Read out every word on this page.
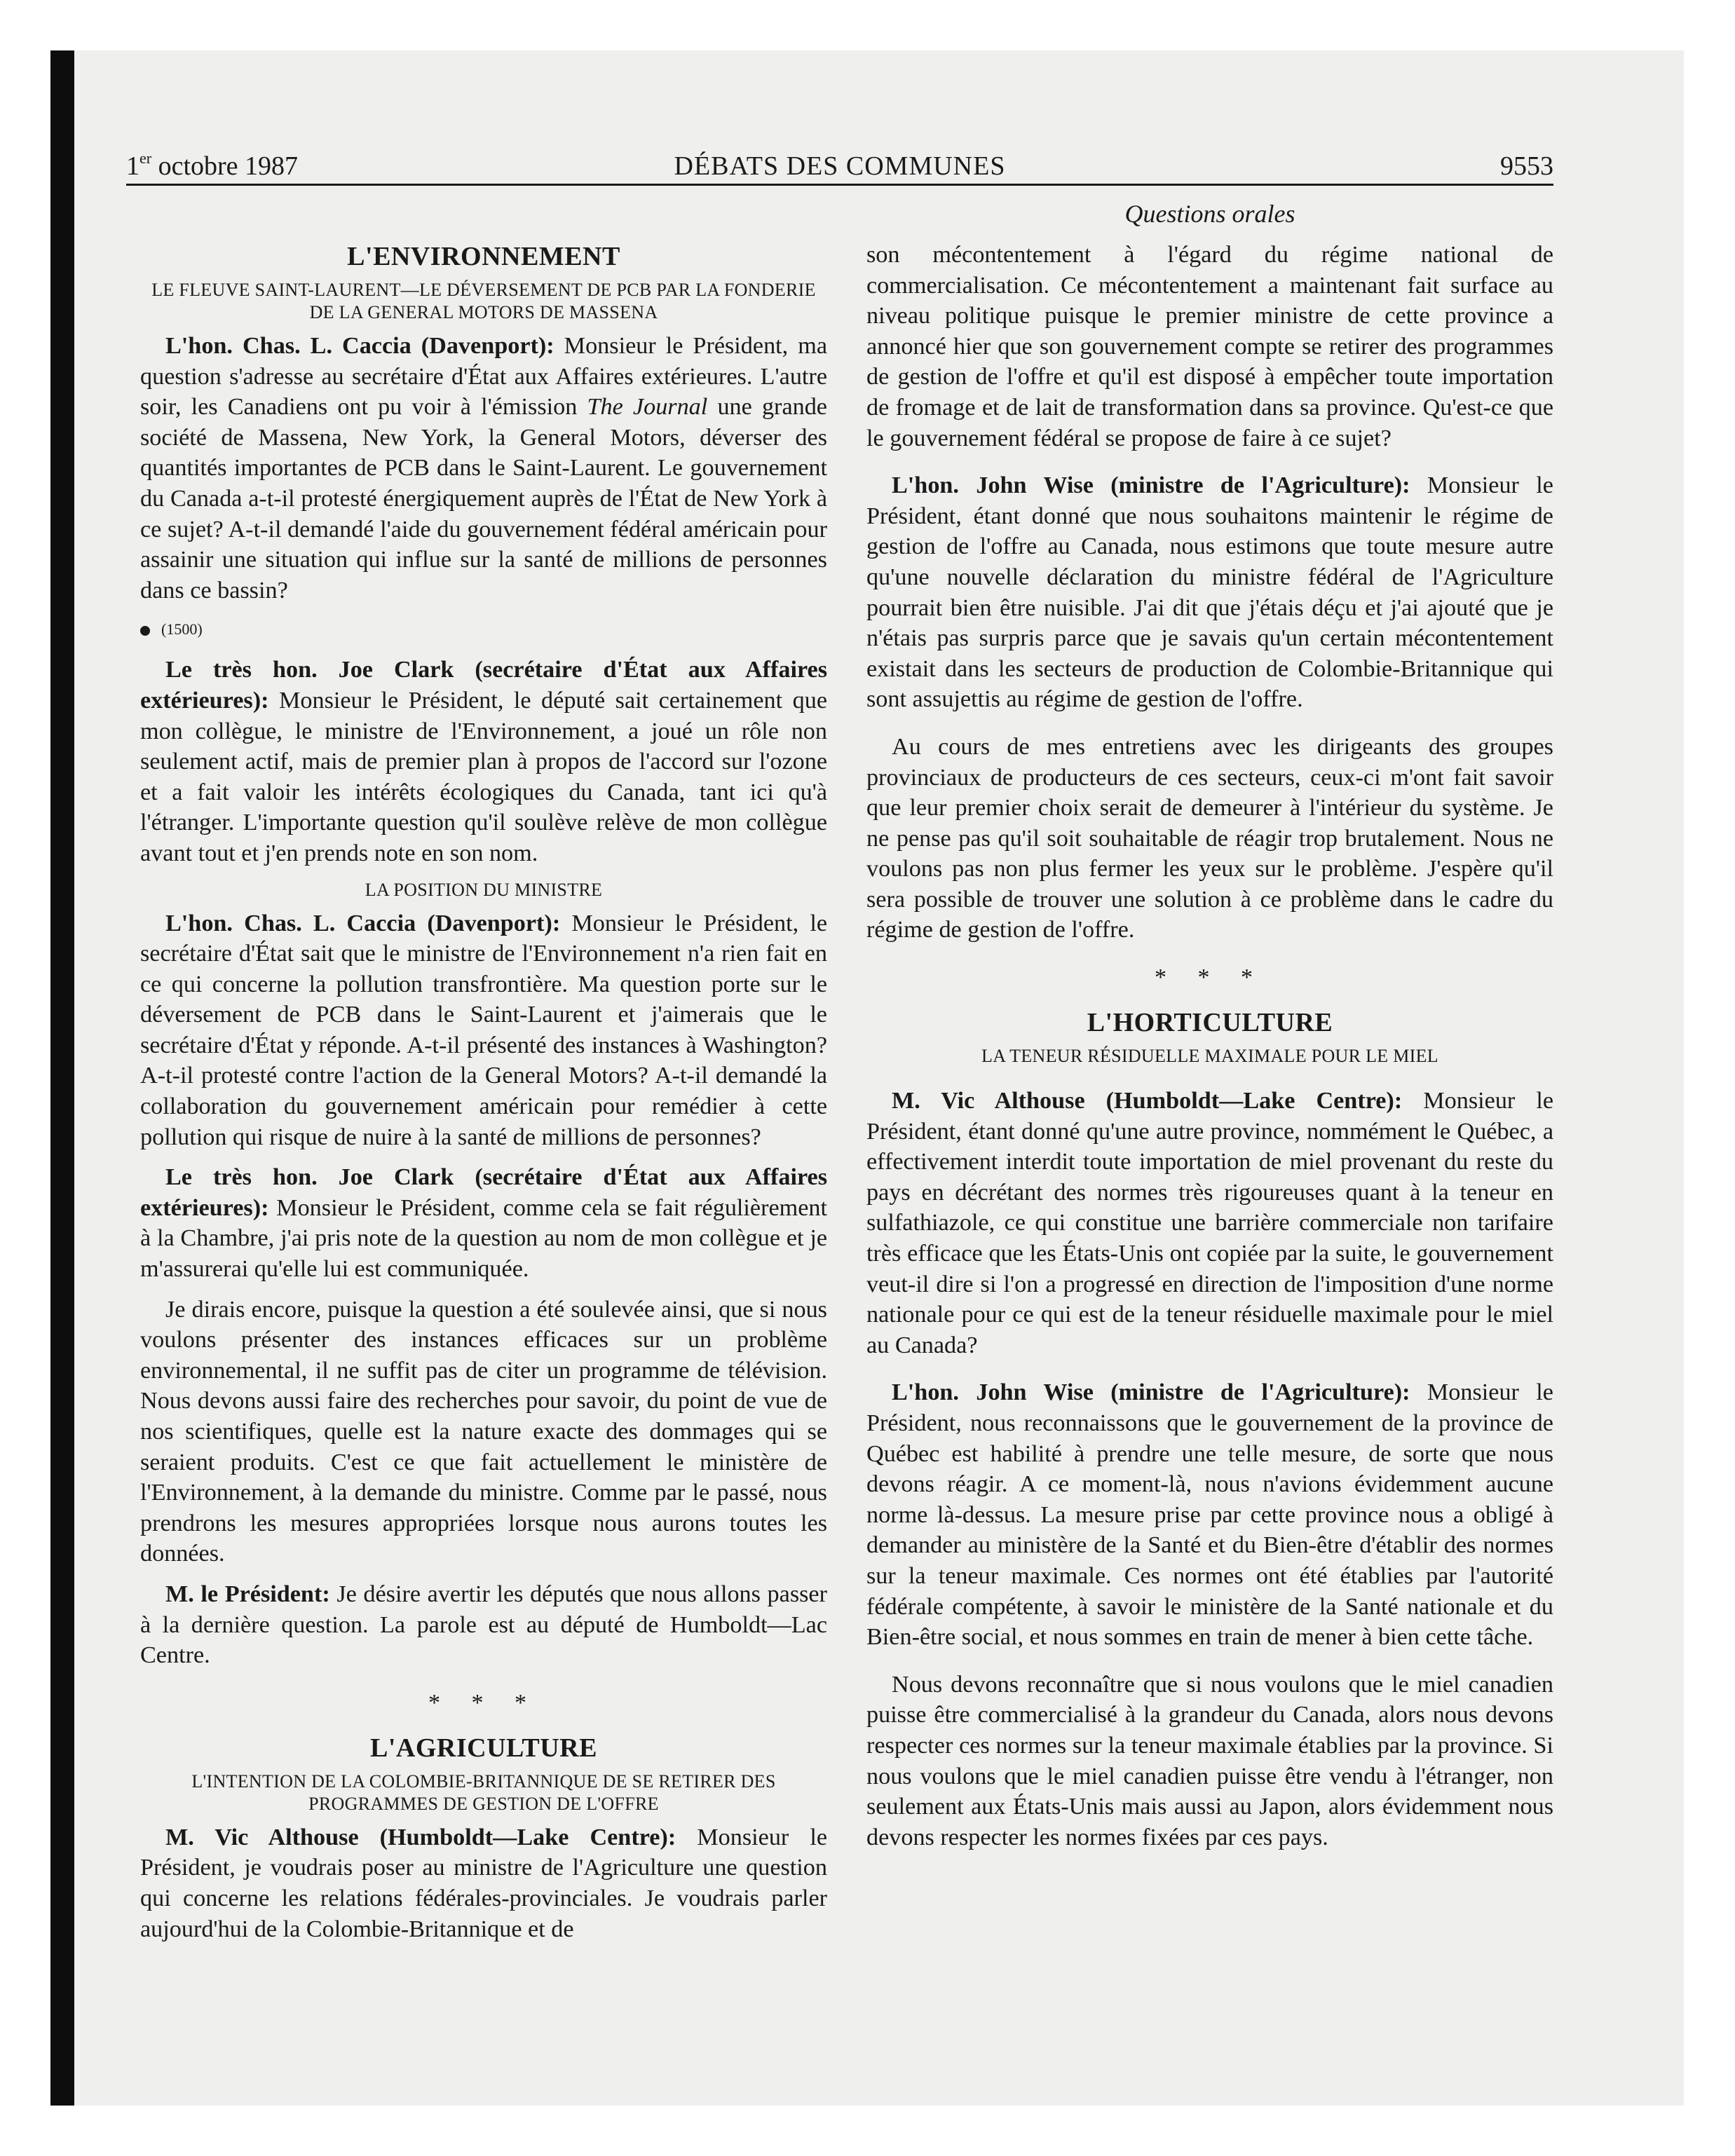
1er octobre 1987	DÉBATS DES COMMUNES	9553
Questions orales
L'ENVIRONNEMENT
LE FLEUVE SAINT-LAURENT—LE DÉVERSEMENT DE PCB PAR LA FONDERIE DE LA GENERAL MOTORS DE MASSENA

L'hon. Chas. L. Caccia (Davenport): Monsieur le Président, ma question s'adresse au secrétaire d'État aux Affaires extérieures. L'autre soir, les Canadiens ont pu voir à l'émission The Journal une grande société de Massena, New York, la General Motors, déverser des quantités importantes de PCB dans le Saint-Laurent. Le gouvernement du Canada a-t-il protesté énergiquement auprès de l'État de New York à ce sujet? A-t-il demandé l'aide du gouvernement fédéral américain pour assainir une situation qui influe sur la santé de millions de personnes dans ce bassin?

(1500)

Le très hon. Joe Clark (secrétaire d'État aux Affaires extérieures): Monsieur le Président, le député sait certainement que mon collègue, le ministre de l'Environnement, a joué un rôle non seulement actif, mais de premier plan à propos de l'accord sur l'ozone et a fait valoir les intérêts écologiques du Canada, tant ici qu'à l'étranger. L'importante question qu'il soulève relève de mon collègue avant tout et j'en prends note en son nom.

LA POSITION DU MINISTRE

L'hon. Chas. L. Caccia (Davenport): Monsieur le Président, le secrétaire d'État sait que le ministre de l'Environnement n'a rien fait en ce qui concerne la pollution transfrontière. Ma question porte sur le déversement de PCB dans le Saint-Laurent et j'aimerais que le secrétaire d'État y réponde. A-t-il présenté des instances à Washington? A-t-il protesté contre l'action de la General Motors? A-t-il demandé la collaboration du gouvernement américain pour remédier à cette pollution qui risque de nuire à la santé de millions de personnes?

Le très hon. Joe Clark (secrétaire d'État aux Affaires extérieures): Monsieur le Président, comme cela se fait régulièrement à la Chambre, j'ai pris note de la question au nom de mon collègue et je m'assurerai qu'elle lui est communiquée.

Je dirais encore, puisque la question a été soulevée ainsi, que si nous voulons présenter des instances efficaces sur un problème environnemental, il ne suffit pas de citer un programme de télévision. Nous devons aussi faire des recherches pour savoir, du point de vue de nos scientifiques, quelle est la nature exacte des dommages qui se seraient produits. C'est ce que fait actuellement le ministère de l'Environnement, à la demande du ministre. Comme par le passé, nous prendrons les mesures appropriées lorsque nous aurons toutes les données.

M. le Président: Je désire avertir les députés que nous allons passer à la dernière question. La parole est au député de Humboldt—Lac Centre.

* * *
L'AGRICULTURE
L'INTENTION DE LA COLOMBIE-BRITANNIQUE DE SE RETIRER DES PROGRAMMES DE GESTION DE L'OFFRE

M. Vic Althouse (Humboldt—Lake Centre): Monsieur le Président, je voudrais poser au ministre de l'Agriculture une question qui concerne les relations fédérales-provinciales. Je voudrais parler aujourd'hui de la Colombie-Britannique et de

son mécontentement à l'égard du régime national de commercialisation. Ce mécontentement a maintenant fait surface au niveau politique puisque le premier ministre de cette province a annoncé hier que son gouvernement compte se retirer des programmes de gestion de l'offre et qu'il est disposé à empêcher toute importation de fromage et de lait de transformation dans sa province. Qu'est-ce que le gouvernement fédéral se propose de faire à ce sujet?

L'hon. John Wise (ministre de l'Agriculture): Monsieur le Président, étant donné que nous souhaitons maintenir le régime de gestion de l'offre au Canada, nous estimons que toute mesure autre qu'une nouvelle déclaration du ministre fédéral de l'Agriculture pourrait bien être nuisible. J'ai dit que j'étais déçu et j'ai ajouté que je n'étais pas surpris parce que je savais qu'un certain mécontentement existait dans les secteurs de production de Colombie-Britannique qui sont assujettis au régime de gestion de l'offre.

Au cours de mes entretiens avec les dirigeants des groupes provinciaux de producteurs de ces secteurs, ceux-ci m'ont fait savoir que leur premier choix serait de demeurer à l'intérieur du système. Je ne pense pas qu'il soit souhaitable de réagir trop brutalement. Nous ne voulons pas non plus fermer les yeux sur le problème. J'espère qu'il sera possible de trouver une solution à ce problème dans le cadre du régime de gestion de l'offre.

* * *
L'HORTICULTURE
LA TENEUR RÉSIDUELLE MAXIMALE POUR LE MIEL

M. Vic Althouse (Humboldt—Lake Centre): Monsieur le Président, étant donné qu'une autre province, nommément le Québec, a effectivement interdit toute importation de miel provenant du reste du pays en décrétant des normes très rigoureuses quant à la teneur en sulfathiazole, ce qui constitue une barrière commerciale non tarifaire très efficace que les États-Unis ont copiée par la suite, le gouvernement veut-il dire si l'on a progressé en direction de l'imposition d'une norme nationale pour ce qui est de la teneur résiduelle maximale pour le miel au Canada?

L'hon. John Wise (ministre de l'Agriculture): Monsieur le Président, nous reconnaissons que le gouvernement de la province de Québec est habilité à prendre une telle mesure, de sorte que nous devons réagir. A ce moment-là, nous n'avions évidemment aucune norme là-dessus. La mesure prise par cette province nous a obligé à demander au ministère de la Santé et du Bien-être d'établir des normes sur la teneur maximale. Ces normes ont été établies par l'autorité fédérale compétente, à savoir le ministère de la Santé nationale et du Bien-être social, et nous sommes en train de mener à bien cette tâche.

Nous devons reconnaître que si nous voulons que le miel canadien puisse être commercialisé à la grandeur du Canada, alors nous devons respecter ces normes sur la teneur maximale établies par la province. Si nous voulons que le miel canadien puisse être vendu à l'étranger, non seulement aux États-Unis mais aussi au Japon, alors évidemment nous devons respecter les normes fixées par ces pays.
